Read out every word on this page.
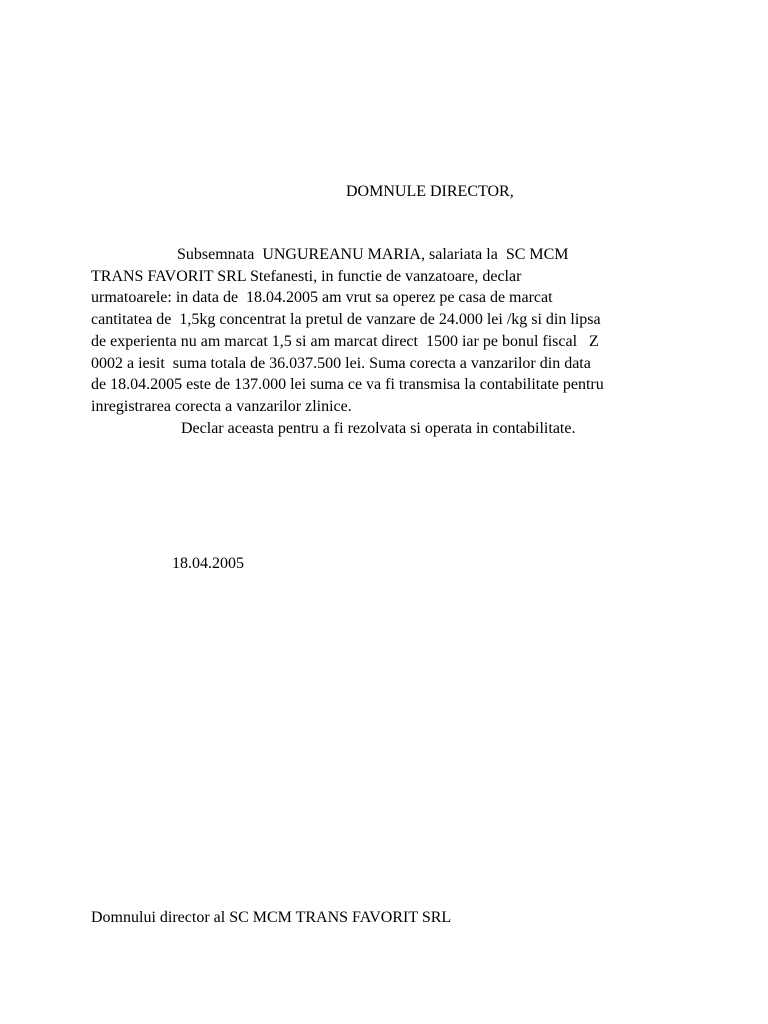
DOMNULE DIRECTOR,
Subsemnata  UNGUREANU MARIA, salariata la  SC MCM
TRANS FAVORIT SRL Stefanesti, in functie de vanzatoare, declar
urmatoarele: in data de  18.04.2005 am vrut sa operez pe casa de marcat
cantitatea de  1,5kg concentrat la pretul de vanzare de 24.000 lei /kg si din lipsa
de experienta nu am marcat 1,5 si am marcat direct  1500 iar pe bonul fiscal   Z
0002 a iesit  suma totala de 36.037.500 lei. Suma corecta a vanzarilor din data
de 18.04.2005 este de 137.000 lei suma ce va fi transmisa la contabilitate pentru
inregistrarea corecta a vanzarilor zlinice.
Declar aceasta pentru a fi rezolvata si operata in contabilitate.
18.04.2005
Domnului director al SC MCM TRANS FAVORIT SRL
